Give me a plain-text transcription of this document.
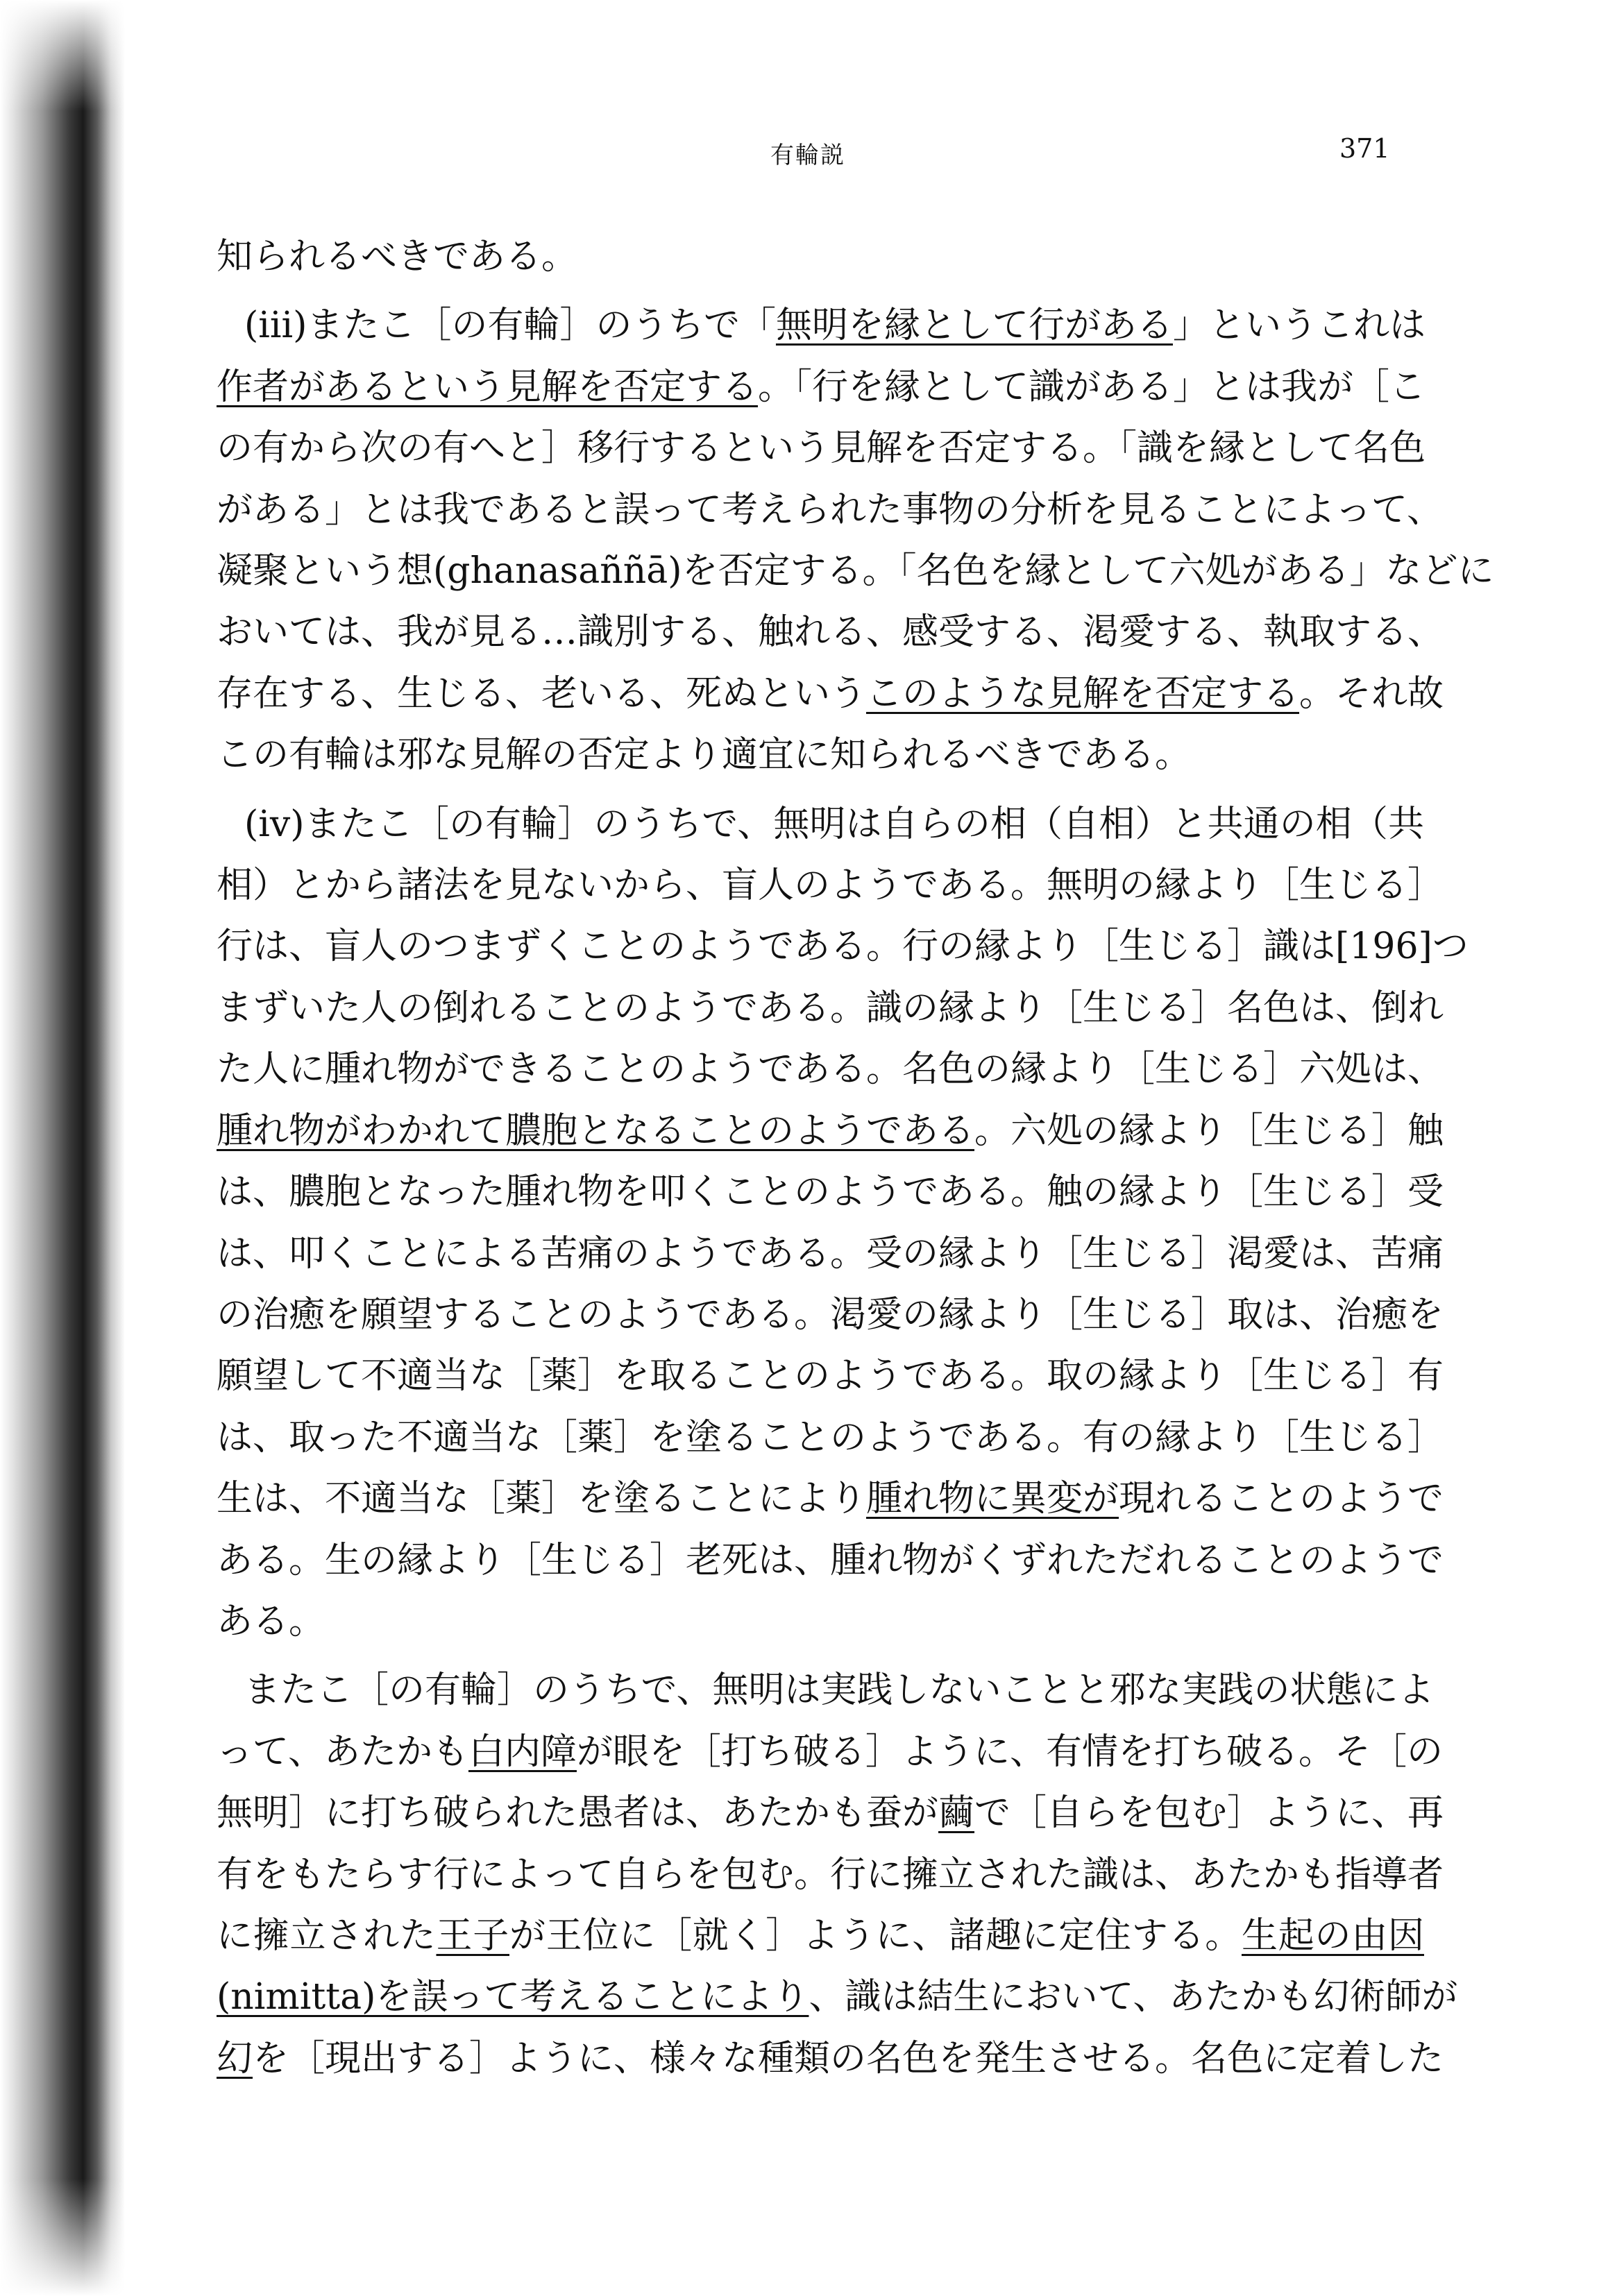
有輪説	371
知られるべきである。
(iii)またこ［の有輪］のうちで「無明を縁として行がある」というこれは
作者があるという見解を否定する。「行を縁として識がある」とは我が［こ
の有から次の有へと］移行するという見解を否定する。「識を縁として名色
がある」とは我であると誤って考えられた事物の分析を見ることによって、
凝聚という想(ghanasaññā)を否定する。「名色を縁として六処がある」などに
おいては、我が見る…識別する、触れる、感受する、渇愛する、執取する、
存在する、生じる、老いる、死ぬというこのような見解を否定する。それ故
この有輪は邪な見解の否定より適宜に知られるべきである。
(iv)またこ［の有輪］のうちで、無明は自らの相（自相）と共通の相（共
相）とから諸法を見ないから、盲人のようである。無明の縁より［生じる］
行は、盲人のつまずくことのようである。行の縁より［生じる］識は[196]つ
まずいた人の倒れることのようである。識の縁より［生じる］名色は、倒れ
た人に腫れ物ができることのようである。名色の縁より［生じる］六処は、
腫れ物がわかれて膿胞となることのようである。六処の縁より［生じる］触
は、膿胞となった腫れ物を叩くことのようである。触の縁より［生じる］受
は、叩くことによる苦痛のようである。受の縁より［生じる］渇愛は、苦痛
の治癒を願望することのようである。渇愛の縁より［生じる］取は、治癒を
願望して不適当な［薬］を取ることのようである。取の縁より［生じる］有
は、取った不適当な［薬］を塗ることのようである。有の縁より［生じる］
生は、不適当な［薬］を塗ることにより腫れ物に異変が現れることのようで
ある。生の縁より［生じる］老死は、腫れ物がくずれただれることのようで
ある。
またこ［の有輪］のうちで、無明は実践しないことと邪な実践の状態によ
って、あたかも白内障が眼を［打ち破る］ように、有情を打ち破る。そ［の
無明］に打ち破られた愚者は、あたかも蚕が繭で［自らを包む］ように、再
有をもたらす行によって自らを包む。行に擁立された識は、あたかも指導者
に擁立された王子が王位に［就く］ように、諸趣に定住する。生起の由因
(nimitta)を誤って考えることにより、識は結生において、あたかも幻術師が
幻を［現出する］ように、様々な種類の名色を発生させる。名色に定着した
